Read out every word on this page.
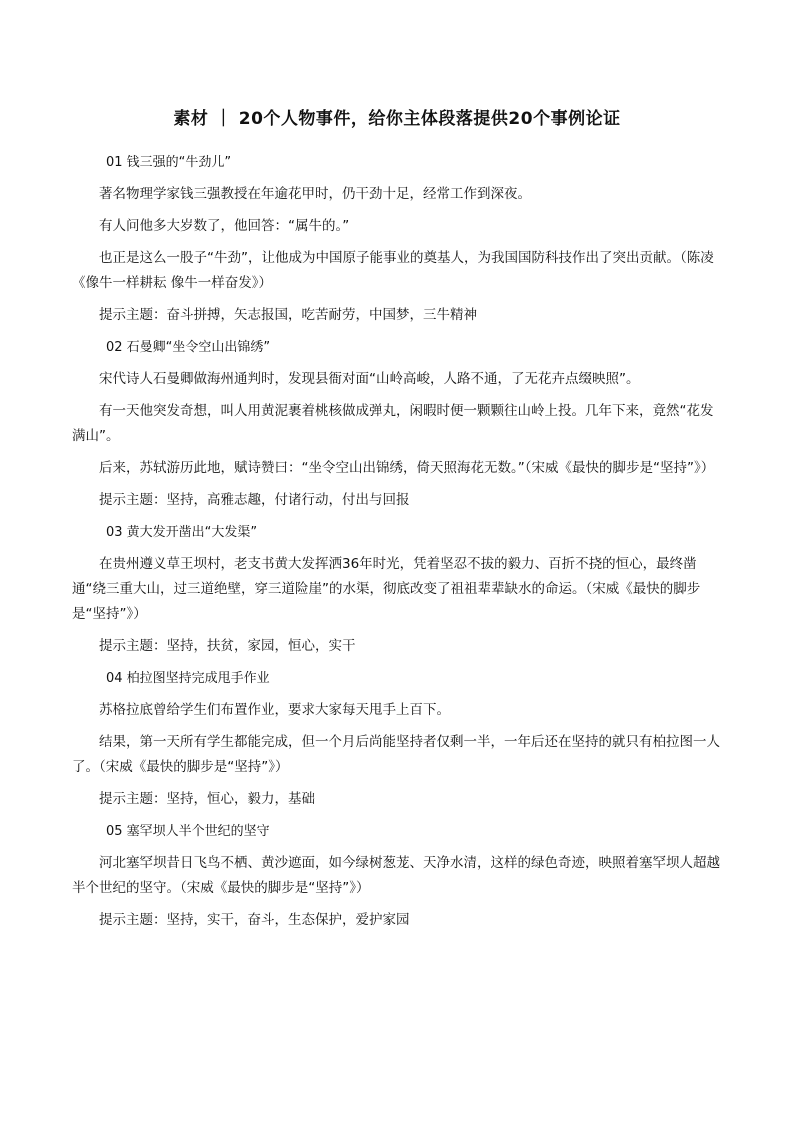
素材 ｜ 20个人物事件，给你主体段落提供20个事例论证

01 钱三强的“牛劲儿”

著名物理学家钱三强教授在年逾花甲时，仍干劲十足，经常工作到深夜。

有人问他多大岁数了，他回答：“属牛的。”

也正是这么一股子“牛劲”，让他成为中国原子能事业的奠基人，为我国国防科技作出了突出贡献。（陈凌《像牛一样耕耘 像牛一样奋发》）

提示主题：奋斗拼搏，矢志报国，吃苦耐劳，中国梦，三牛精神

02 石曼卿“坐令空山出锦绣”

宋代诗人石曼卿做海州通判时，发现县衙对面“山岭高峻，人路不通，了无花卉点缀映照”。

有一天他突发奇想，叫人用黄泥裹着桃核做成弹丸，闲暇时便一颗颗往山岭上投。几年下来，竟然“花发满山”。

后来，苏轼游历此地，赋诗赞曰：“坐令空山出锦绣，倚天照海花无数。”（宋威《最快的脚步是“坚持”》）

提示主题：坚持，高雅志趣，付诸行动，付出与回报

03 黄大发开凿出“大发渠”

在贵州遵义草王坝村，老支书黄大发挥洒36年时光，凭着坚忍不拔的毅力、百折不挠的恒心，最终凿通“绕三重大山，过三道绝壁，穿三道险崖”的水渠，彻底改变了祖祖辈辈缺水的命运。（宋威《最快的脚步是“坚持”》）

提示主题：坚持，扶贫，家园，恒心，实干

04 柏拉图坚持完成甩手作业

苏格拉底曾给学生们布置作业，要求大家每天甩手上百下。

结果，第一天所有学生都能完成，但一个月后尚能坚持者仅剩一半，一年后还在坚持的就只有柏拉图一人了。（宋威《最快的脚步是“坚持”》）

提示主题：坚持，恒心，毅力，基础

05 塞罕坝人半个世纪的坚守

河北塞罕坝昔日飞鸟不栖、黄沙遮面，如今绿树葱茏、天净水清，这样的绿色奇迹，映照着塞罕坝人超越半个世纪的坚守。（宋威《最快的脚步是“坚持”》）

提示主题：坚持，实干，奋斗，生态保护，爱护家园
